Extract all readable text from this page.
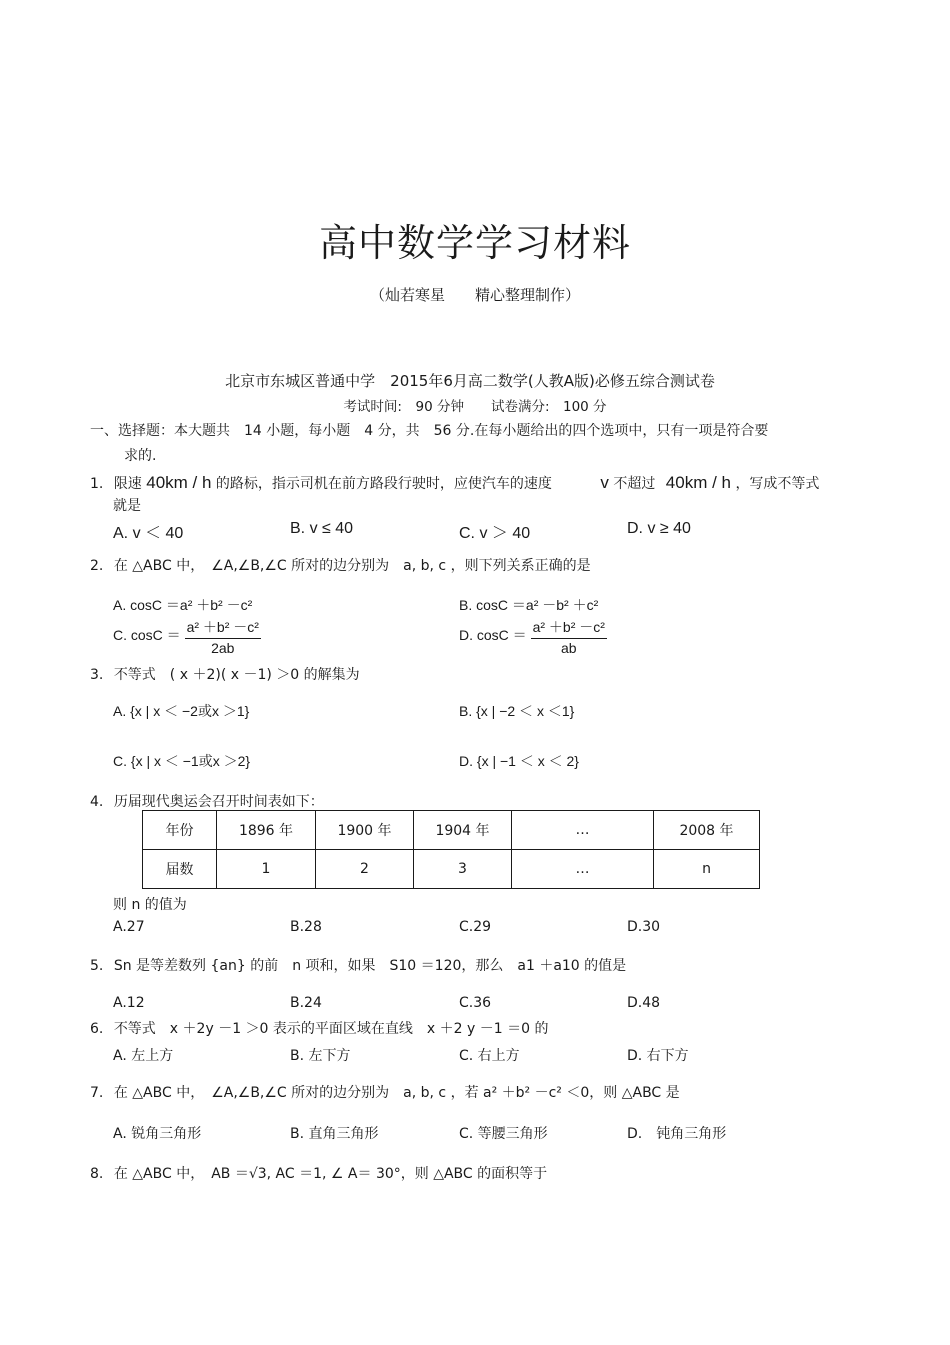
高中数学学习材料
（灿若寒星　　精心整理制作）
北京市东城区普通中学　2015年6月高二数学(人教A版)必修五综合测试卷
考试时间:　90 分钟　　试卷满分:　100 分
一、选择题：本大题共　14 小题，每小题　4 分，共　56 分.在每小题给出的四个选项中，只有一项是符合要
求的.
1. 限速 40km / h 的路标，指示司机在前方路段行驶时，应使汽车的速度	v 不超过 40km / h ，写成不等式
就是
A. v ＜ 40	B. v ≤ 40	C. v ＞ 40	D. v ≥ 40
2. 在 △ABC 中，　∠A,∠B,∠C 所对的边分别为　a, b, c ，则下列关系正确的是
A. cosC ＝a² ＋b² －c²	B. cosC ＝a² －b² ＋c²
C. $\cos C = \frac{\text{a² ＋b² －c²}}{2ab}$	D. $\cos C = \frac{\text{a² ＋b² －c²}}{ab}$
3. 不等式　( x ＋2)( x －1) ＞0 的解集为
A. {x | x ＜ −2或x ＞1}	B. {x | −2 ＜ x ＜1}
C. {x | x ＜ −1或x ＞2}	D. {x | −1 ＜ x ＜ 2}
4. 历届现代奥运会召开时间表如下：
年份	1896 年	1900 年	1904 年	…	2008 年
届数	1	2	3	…	n
则 n 的值为
A.27	B.28	C.29	D.30
5. Sn 是等差数列 {an} 的前　n 项和，如果　S10 ＝120，那么　a1 ＋a10 的值是
A.12	B.24	C.36	D.48
6. 不等式　x ＋2y －1 ＞0 表示的平面区域在直线　x ＋2 y －1 ＝0 的
A. 左上方	B. 左下方	C. 右上方	D. 右下方
7. 在 △ABC 中，　∠A,∠B,∠C 所对的边分别为　a, b, c ，若 a² ＋b² －c² ＜0，则 △ABC 是
A. 锐角三角形	B. 直角三角形	C. 等腰三角形	D.　钝角三角形
8. 在 △ABC 中，　AB ＝√3, AC ＝1, ∠ A＝ 30°，则 △ABC 的面积等于
